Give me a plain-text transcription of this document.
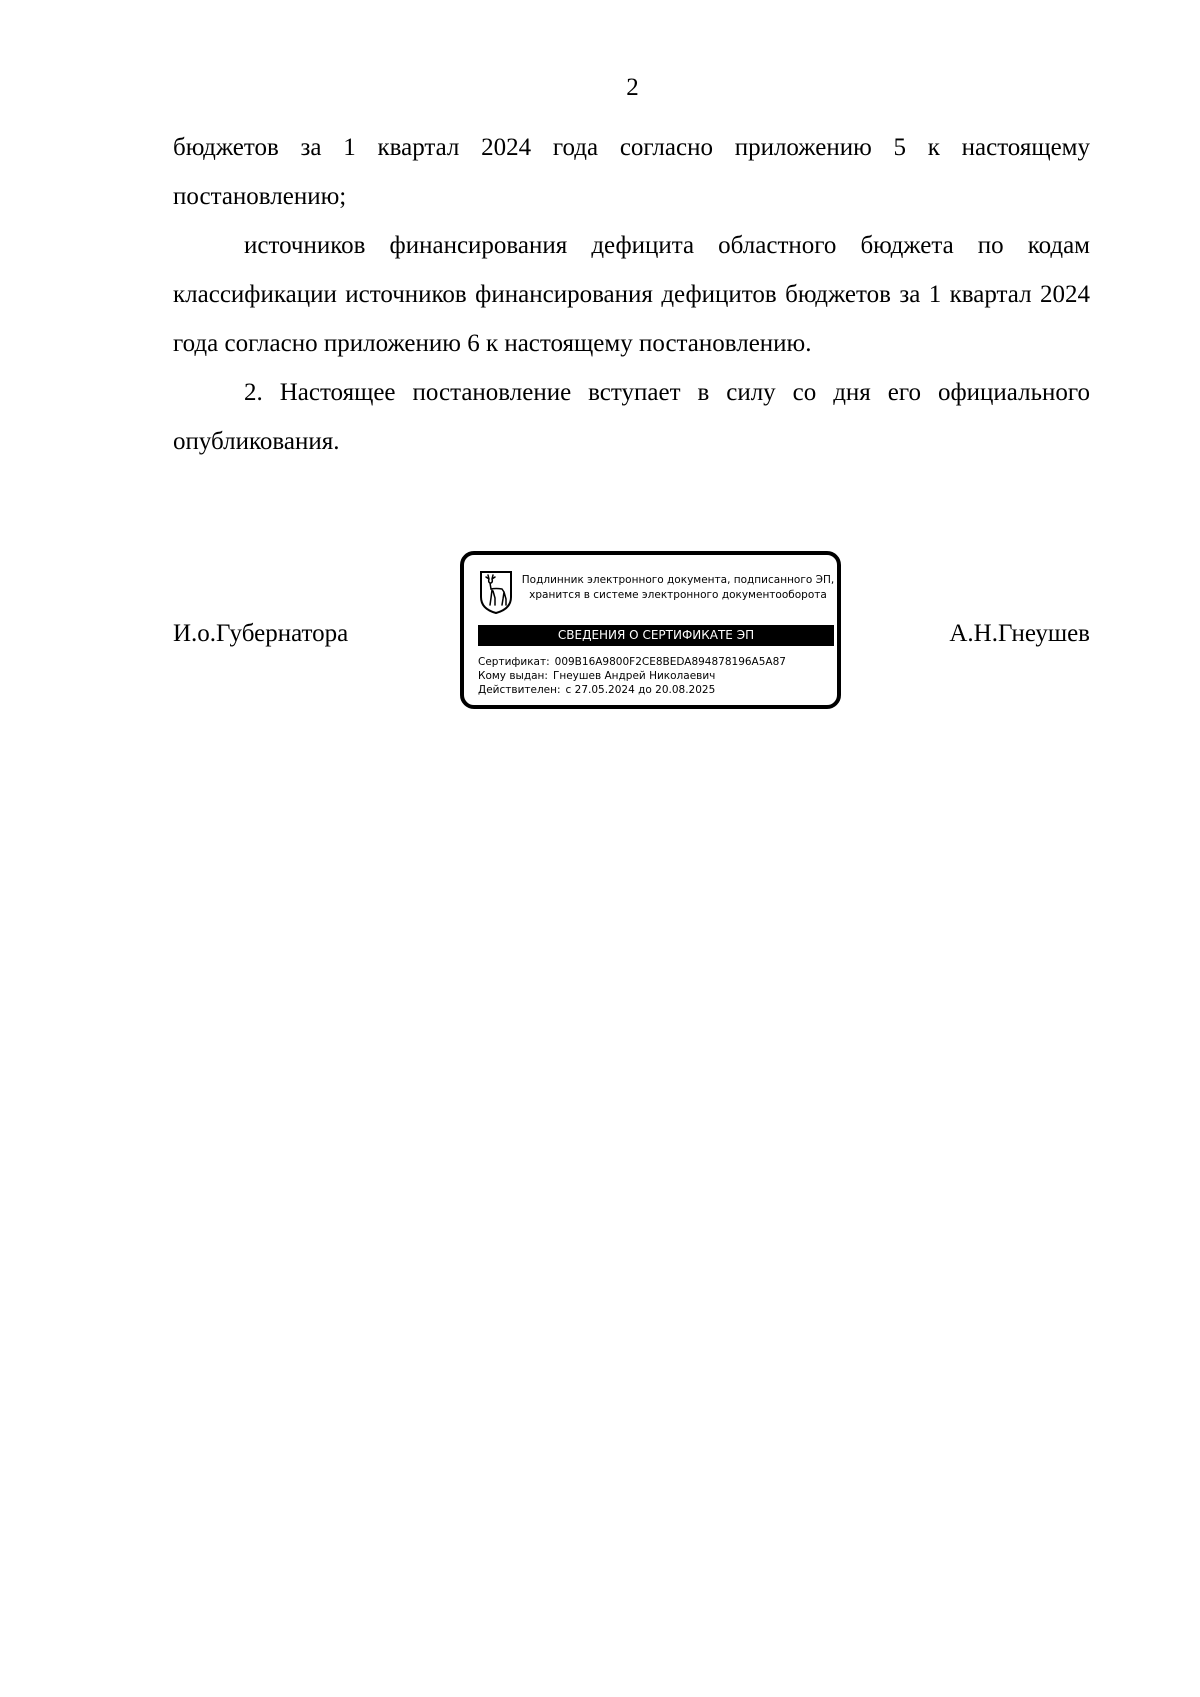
2

бюджетов за 1 квартал 2024 года согласно приложению 5 к настоящему постановлению;

источников финансирования дефицита областного бюджета по кодам классификации источников финансирования дефицитов бюджетов за 1 квартал 2024 года согласно приложению 6 к настоящему постановлению.

2. Настоящее постановление вступает в силу со дня его официального опубликования.

И.о.Губернатора
Подлинник электронного документа, подписанного ЭП,
хранится в системе электронного документооборота
СВЕДЕНИЯ О СЕРТИФИКАТЕ ЭП
Сертификат: 009B16A9800F2CE8BEDA894878196A5A87
Кому выдан: Гнеушев Андрей Николаевич
Действителен: с 27.05.2024 до 20.08.2025
А.Н.Гнеушев
